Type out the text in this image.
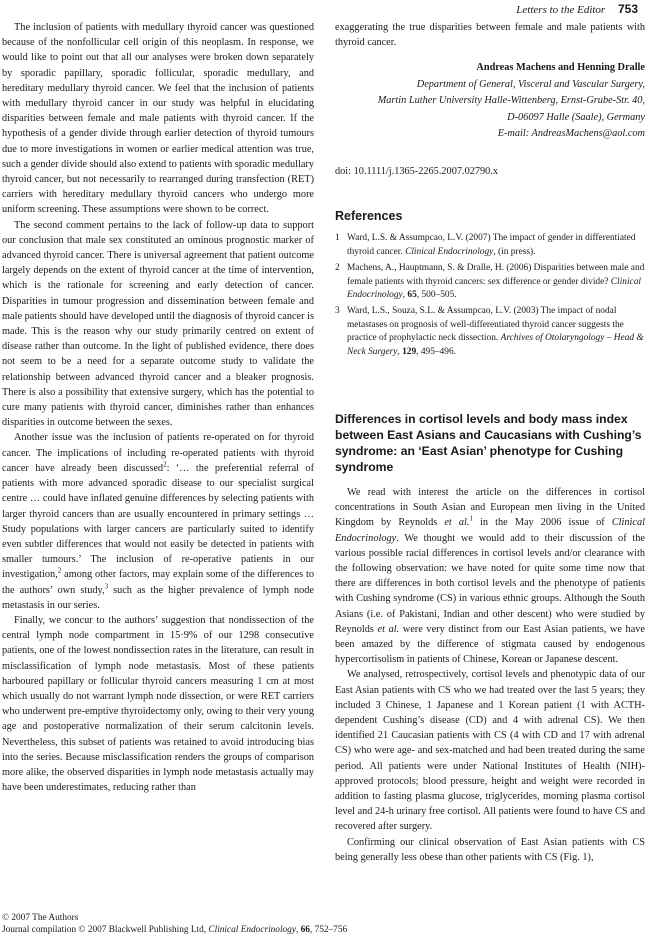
Letters to the Editor 753

The inclusion of patients with medullary thyroid cancer was questioned because of the nonfollicular cell origin of this neoplasm. In response, we would like to point out that all our analyses were broken down separately by sporadic papillary, sporadic follicular, sporadic medullary, and hereditary medullary thyroid cancer. We feel that the inclusion of patients with medullary thyroid cancer in our study was helpful in elucidating disparities between female and male patients with thyroid cancer. If the hypothesis of a gender divide through earlier detection of thyroid tumours due to more investigations in women or earlier medical attention was true, such a gender divide should also extend to patients with sporadic medullary thyroid cancer, but not necessarily to rearranged during transfection (RET) carriers with hereditary medullary thyroid cancers who undergo more uniform screening. These assumptions were shown to be correct.

The second comment pertains to the lack of follow-up data to support our conclusion that male sex constituted an ominous prognostic marker of advanced thyroid cancer. There is universal agreement that patient outcome largely depends on the extent of thyroid cancer at the time of intervention, which is the rationale for screening and early detection of cancer. Disparities in tumour progression and dissemination between female and male patients should have developed until the diagnosis of thyroid cancer is made. This is the reason why our study primarily centred on extent of disease rather than outcome. In the light of published evidence, there does not seem to be a need for a separate outcome study to validate the relationship between advanced thyroid cancer and a bleaker prognosis. There is also a possibility that extensive surgery, which has the potential to cure many patients with thyroid cancer, diminishes rather than enhances disparities in outcome between the sexes.

Another issue was the inclusion of patients re-operated on for thyroid cancer. The implications of including re-operated patients with thyroid cancer have already been discussed$^2$: ‘… the preferential referral of patients with more advanced sporadic disease to our specialist surgical centre … could have inflated genuine differences by selecting patients with larger thyroid cancers than are usually encountered in primary settings … Study populations with larger cancers are particularly suited to identify even subtler differences that would not easily be detected in patients with smaller tumours.’ The inclusion of re-operative patients in our investigation,$^2$ among other factors, may explain some of the differences to the authors’ own study,$^3$ such as the higher prevalence of lymph node metastasis in our series.

Finally, we concur to the authors’ suggestion that nondissection of the central lymph node compartment in 15·9% of our 1298 consecutive patients, one of the lowest nondissection rates in the literature, can result in misclassification of lymph node metastasis. Most of these patients harboured papillary or follicular thyroid cancers measuring 1 cm at most which usually do not warrant lymph node dissection, or were RET carriers who underwent pre-emptive thyroidectomy only, owing to their very young age and postoperative normalization of their serum calcitonin levels. Nevertheless, this subset of patients was retained to avoid introducing bias into the series. Because misclassification renders the groups of comparison more alike, the observed disparities in lymph node metastasis actually may have been underestimates, reducing rather than

exaggerating the true disparities between female and male patients with thyroid cancer.

Andreas Machens and Henning Dralle
Department of General, Visceral and Vascular Surgery,
Martin Luther University Halle-Wittenberg, Ernst-Grube-Str. 40,
D-06097 Halle (Saale), Germany
E-mail: AndreasMachens@aol.com
doi: 10.1111/j.1365-2265.2007.02790.x
References
1 Ward, L.S. & Assumpcao, L.V. (2007) The impact of gender in differentiated thyroid cancer. Clinical Endocrinology, (in press).
2 Machens, A., Hauptmann, S. & Dralle, H. (2006) Disparities between male and female patients with thyroid cancers: sex difference or gender divide? Clinical Endocrinology, 65, 500–505.
3 Ward, L.S., Souza, S.L. & Assumpcao, L.V. (2003) The impact of nodal metastases on prognosis of well-differentiated thyroid cancer suggests the practice of prophylactic neck dissection. Archives of Otolaryngology – Head & Neck Surgery, 129, 495–496.
Differences in cortisol levels and body mass index between East Asians and Caucasians with Cushing’s syndrome: an ‘East Asian’ phenotype for Cushing syndrome

We read with interest the article on the differences in cortisol concentrations in South Asian and European men living in the United Kingdom by Reynolds et al.$^1$ in the May 2006 issue of Clinical Endocrinology. We thought we would add to their discussion of the various possible racial differences in cortisol levels and/or clearance with the following observation: we have noted for quite some time now that there are differences in both cortisol levels and the phenotype of patients with Cushing syndrome (CS) in various ethnic groups. Although the South Asians (i.e. of Pakistani, Indian and other descent) who were studied by Reynolds et al. were very distinct from our East Asian patients, we have been amazed by the difference of stigmata caused by endogenous hypercortisolism in patients of Chinese, Korean or Japanese descent.

We analysed, retrospectively, cortisol levels and phenotypic data of our East Asian patients with CS who we had treated over the last 5 years; they included 3 Chinese, 1 Japanese and 1 Korean patient (1 with ACTH-dependent Cushing’s disease (CD) and 4 with adrenal CS). We then identified 21 Caucasian patients with CS (4 with CD and 17 with adrenal CS) who were age- and sex-matched and had been treated during the same period. All patients were under National Institutes of Health (NIH)-approved protocols; blood pressure, height and weight were recorded in addition to fasting plasma glucose, triglycerides, morning plasma cortisol level and 24-h urinary free cortisol. All patients were found to have CS and recovered after surgery.

Confirming our clinical observation of East Asian patients with CS being generally less obese than other patients with CS (Fig. 1),

© 2007 The Authors
Journal compilation © 2007 Blackwell Publishing Ltd, Clinical Endocrinology, 66, 752–756
